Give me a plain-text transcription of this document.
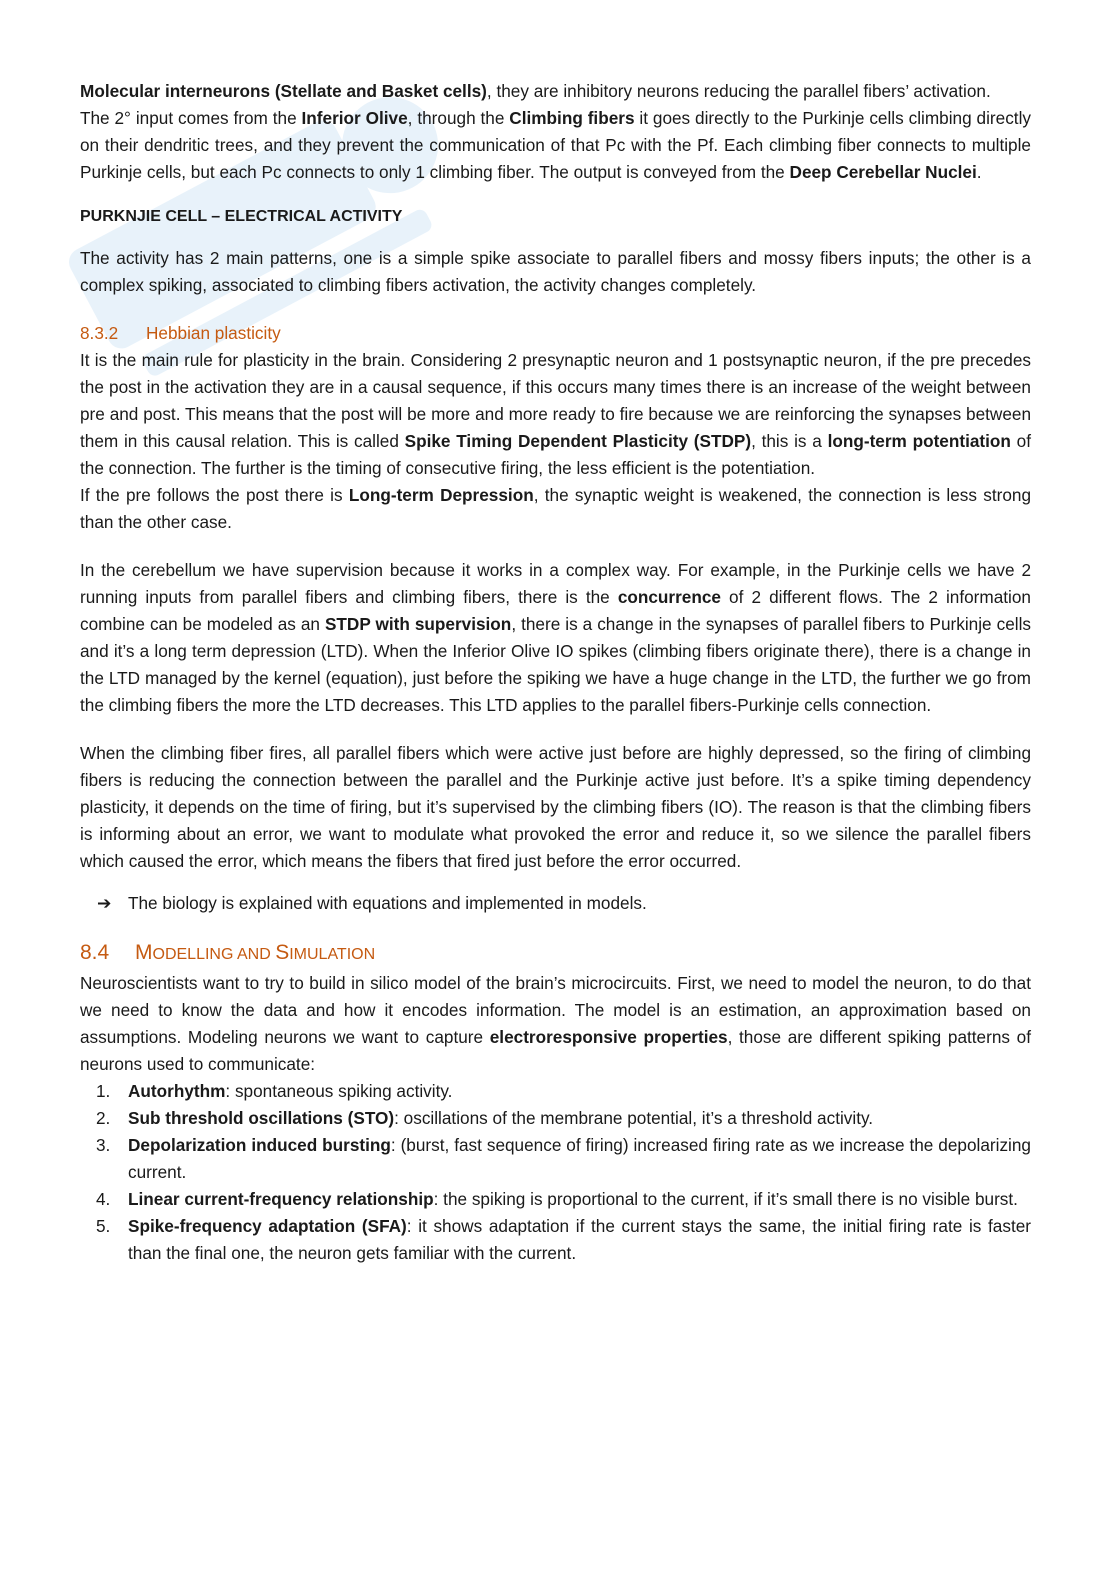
Molecular interneurons (Stellate and Basket cells), they are inhibitory neurons reducing the parallel fibers’ activation.

The 2° input comes from the Inferior Olive, through the Climbing fibers it goes directly to the Purkinje cells climbing directly on their dendritic trees, and they prevent the communication of that Pc with the Pf. Each climbing fiber connects to multiple Purkinje cells, but each Pc connects to only 1 climbing fiber. The output is conveyed from the Deep Cerebellar Nuclei.

PURKNJIE CELL – ELECTRICAL ACTIVITY

The activity has 2 main patterns, one is a simple spike associate to parallel fibers and mossy fibers inputs; the other is a complex spiking, associated to climbing fibers activation, the activity changes completely.

8.3.2 Hebbian plasticity

It is the main rule for plasticity in the brain. Considering 2 presynaptic neuron and 1 postsynaptic neuron, if the pre precedes the post in the activation they are in a causal sequence, if this occurs many times there is an increase of the weight between pre and post. This means that the post will be more and more ready to fire because we are reinforcing the synapses between them in this causal relation. This is called Spike Timing Dependent Plasticity (STDP), this is a long-term potentiation of the connection. The further is the timing of consecutive firing, the less efficient is the potentiation.

If the pre follows the post there is Long-term Depression, the synaptic weight is weakened, the connection is less strong than the other case.

In the cerebellum we have supervision because it works in a complex way. For example, in the Purkinje cells we have 2 running inputs from parallel fibers and climbing fibers, there is the concurrence of 2 different flows. The 2 information combine can be modeled as an STDP with supervision, there is a change in the synapses of parallel fibers to Purkinje cells and it’s a long term depression (LTD). When the Inferior Olive IO spikes (climbing fibers originate there), there is a change in the LTD managed by the kernel (equation), just before the spiking we have a huge change in the LTD, the further we go from the climbing fibers the more the LTD decreases. This LTD applies to the parallel fibers-Purkinje cells connection.

When the climbing fiber fires, all parallel fibers which were active just before are highly depressed, so the firing of climbing fibers is reducing the connection between the parallel and the Purkinje active just before. It’s a spike timing dependency plasticity, it depends on the time of firing, but it’s supervised by the climbing fibers (IO). The reason is that the climbing fibers is informing about an error, we want to modulate what provoked the error and reduce it, so we silence the parallel fibers which caused the error, which means the fibers that fired just before the error occurred.

➔ The biology is explained with equations and implemented in models.

8.4 MODELLING AND SIMULATION

Neuroscientists want to try to build in silico model of the brain’s microcircuits. First, we need to model the neuron, to do that we need to know the data and how it encodes information. The model is an estimation, an approximation based on assumptions. Modeling neurons we want to capture electroresponsive properties, those are different spiking patterns of neurons used to communicate:

1. Autorhythm: spontaneous spiking activity.
2. Sub threshold oscillations (STO): oscillations of the membrane potential, it’s a threshold activity.
3. Depolarization induced bursting: (burst, fast sequence of firing) increased firing rate as we increase the depolarizing current.
4. Linear current-frequency relationship: the spiking is proportional to the current, if it’s small there is no visible burst.
5. Spike-frequency adaptation (SFA): it shows adaptation if the current stays the same, the initial firing rate is faster than the final one, the neuron gets familiar with the current.
